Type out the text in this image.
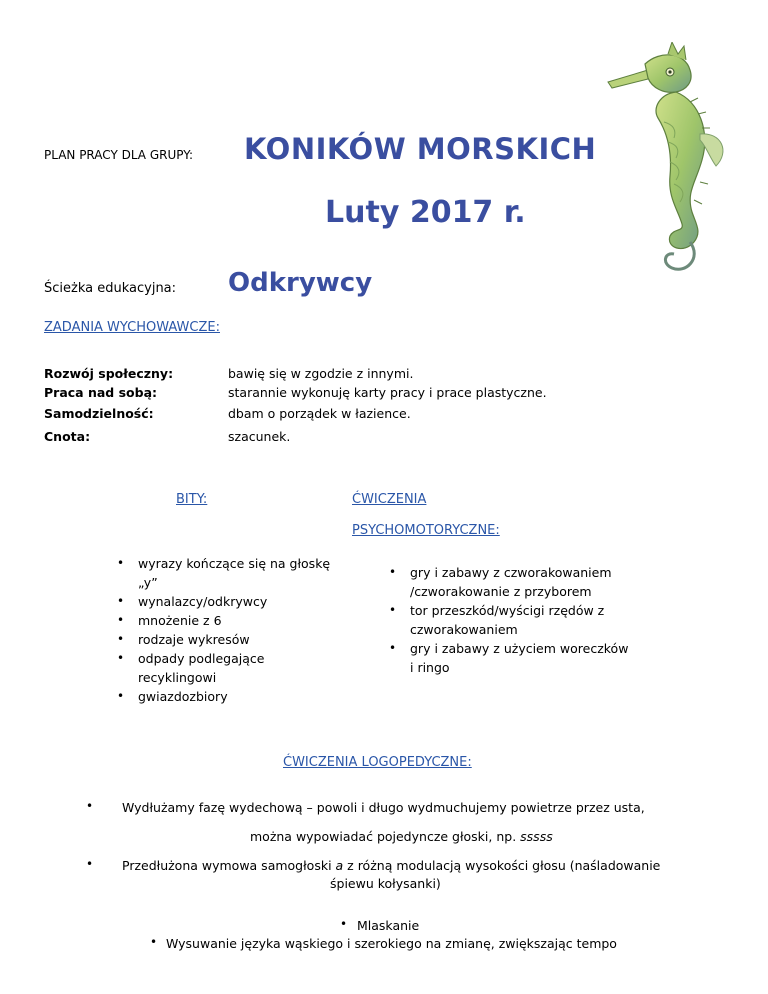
PLAN PRACY DLA GRUPY: KONIKÓW MORSKICH
Luty 2017 r.
Ścieżka edukacyjna: Odkrywcy
ZADANIA WYCHOWAWCZE:
Rozwój społeczny:	bawię się w zgodzie z innymi.
Praca nad sobą:	starannie wykonuję karty pracy i prace plastyczne.
Samodzielność:	dbam o porządek w łazience.
Cnota:	szacunek.
BITY:	ĆWICZENIA
PSYCHOMOTORYCZNE:
• wyrazy kończące się na głoskę „y”
• wynalazcy/odkrywcy
• mnożenie z 6
• rodzaje wykresów
• odpady podlegające recyklingowi
• gwiazdozbiory
• gry i zabawy z czworakowaniem /czworakowanie z przyborem
• tor przeszkód/wyścigi rzędów z czworakowaniem
• gry i zabawy z użyciem woreczków i ringo
ĆWICZENIA LOGOPEDYCZNE:
• Wydłużamy fazę wydechową – powoli i długo wydmuchujemy powietrze przez usta,
można wypowiadać pojedyncze głoski, np. sssss
• Przedłużona wymowa samogłoski a z różną modulacją wysokości głosu (naśladowanie
śpiewu kołysanki)
• Mlaskanie
• Wysuwanie języka wąskiego i szerokiego na zmianę, zwiększając tempo
